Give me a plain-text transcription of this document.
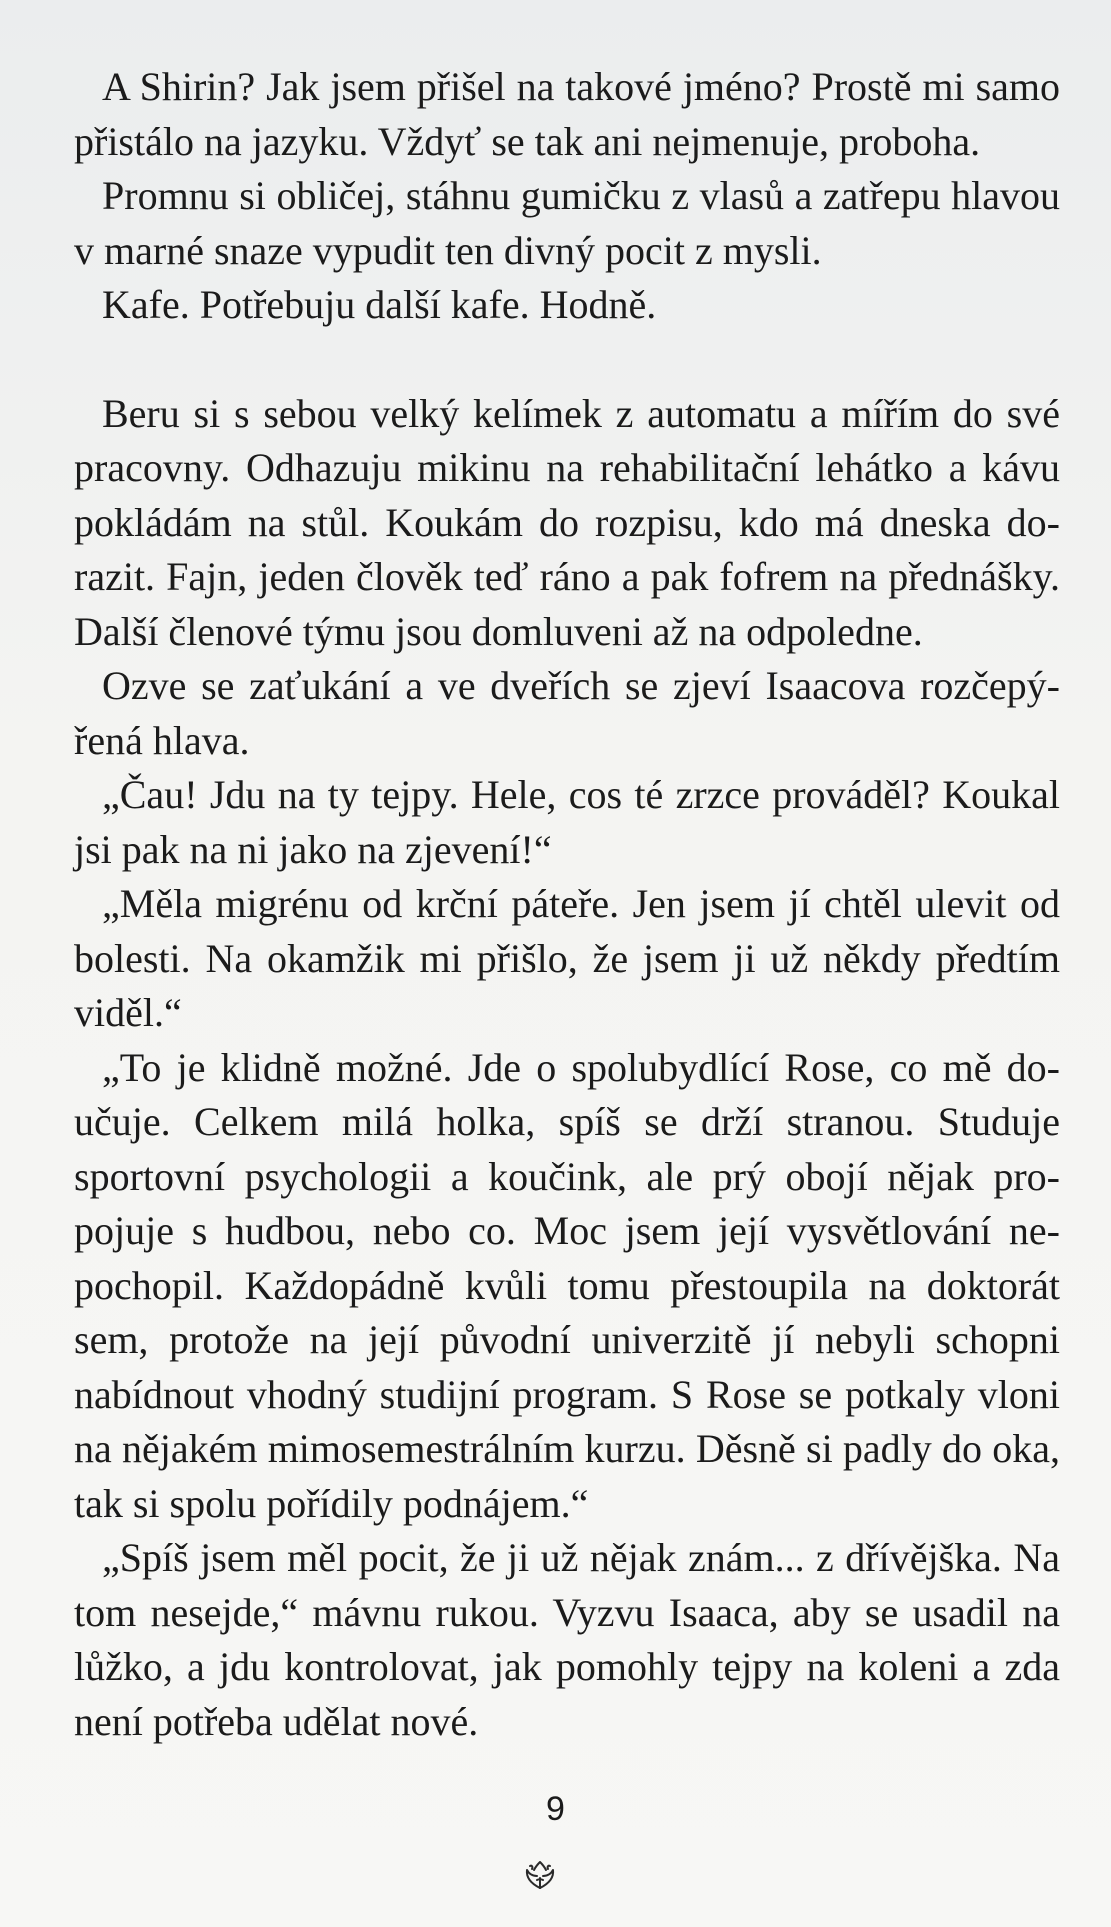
A Shirin? Jak jsem přišel na takové jméno? Prostě mi samo přistálo na jazyku. Vždyť se tak ani nejmenuje, proboha.

Promnu si obličej, stáhnu gumičku z vlasů a zatřepu hlavou v marné snaze vypudit ten divný pocit z mysli.

Kafe. Potřebuju další kafe. Hodně.

Beru si s sebou velký kelímek z automatu a mířím do své pracovny. Odhazuju mikinu na rehabilitační lehátko a kávu pokládám na stůl. Koukám do rozpisu, kdo má dneska dorazit. Fajn, jeden člověk teď ráno a pak fofrem na přednášky. Další členové týmu jsou domluveni až na odpoledne.

Ozve se zaťukání a ve dveřích se zjeví Isaacova rozčepýřená hlava.

„Čau! Jdu na ty tejpy. Hele, cos té zrzce prováděl? Koukal jsi pak na ni jako na zjevení!“

„Měla migrénu od krční páteře. Jen jsem jí chtěl ulevit od bolesti. Na okamžik mi přišlo, že jsem ji už někdy předtím viděl.“

„To je klidně možné. Jde o spolubydlící Rose, co mě doučuje. Celkem milá holka, spíš se drží stranou. Studuje sportovní psychologii a koučink, ale prý obojí nějak propojuje s hudbou, nebo co. Moc jsem její vysvětlování nepochopil. Každopádně kvůli tomu přestoupila na doktorát sem, protože na její původní univerzitě jí nebyli schopni nabídnout vhodný studijní program. S Rose se potkaly vloni na nějakém mimosemestrálním kurzu. Děsně si padly do oka, tak si spolu pořídily podnájem.“

„Spíš jsem měl pocit, že ji už nějak znám... z dřívějška. Na tom nesejde,“ mávnu rukou. Vyzvu Isaaca, aby se usadil na lůžko, a jdu kontrolovat, jak pomohly tejpy na koleni a zda není potřeba udělat nové.

9
